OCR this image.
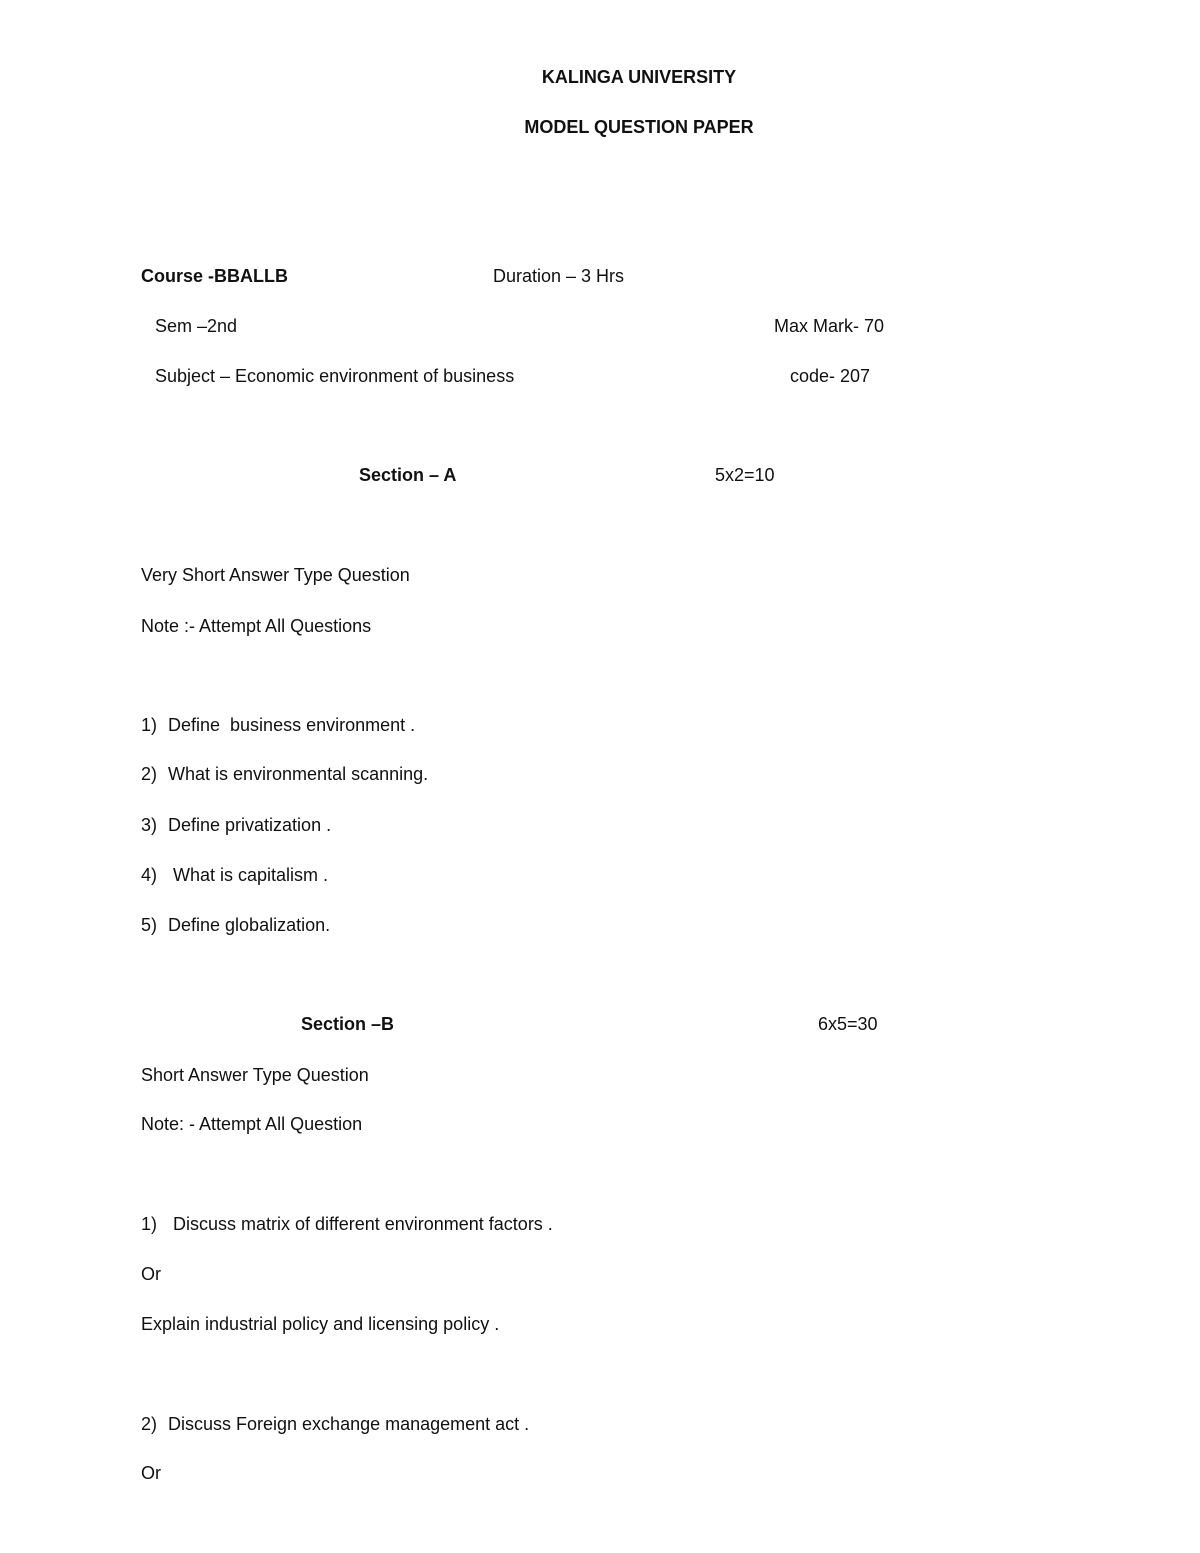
KALINGA UNIVERSITY
MODEL QUESTION PAPER
Course -BBALLB	Duration – 3 Hrs
Sem –2nd	Max Mark- 70
Subject – Economic environment of business	code- 207
Section – A	5x2=10
Very Short Answer Type Question
Note :- Attempt All Questions
1) Define  business environment .
2) What is environmental scanning.
3) Define privatization .
4) What is capitalism .
5) Define globalization.
Section –B	6x5=30
Short Answer Type Question
Note: - Attempt All Question
1) Discuss matrix of different environment factors .
Or
Explain industrial policy and licensing policy .
2) Discuss Foreign exchange management act .
Or
